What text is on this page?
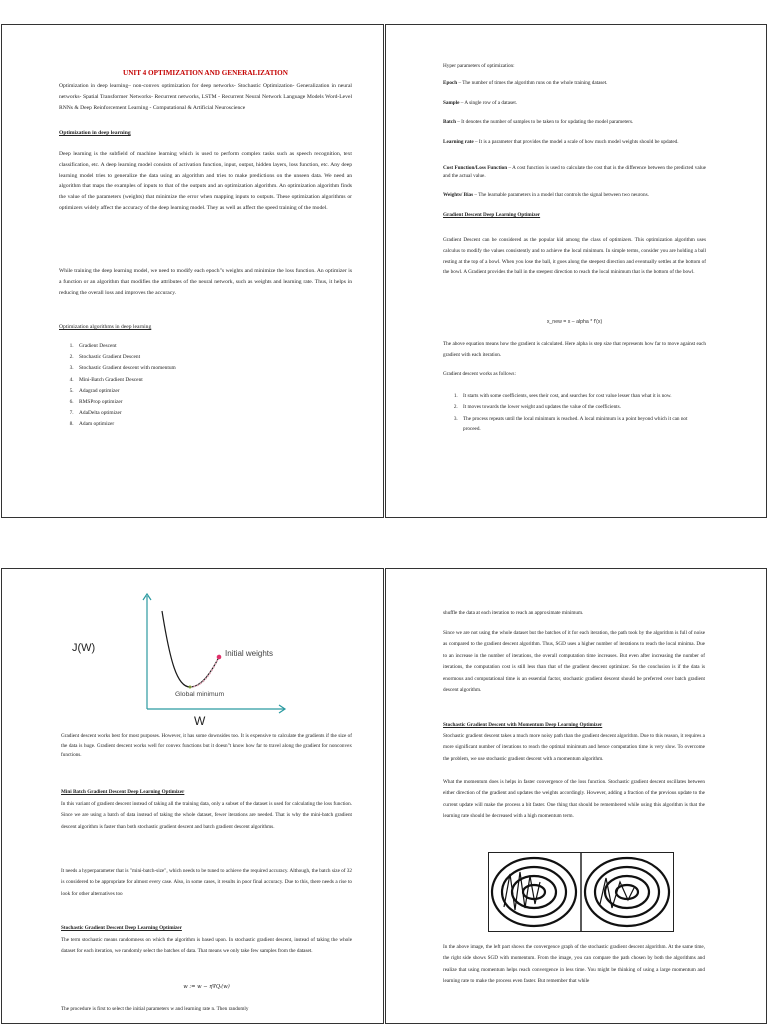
UNIT 4 OPTIMIZATION AND GENERALIZATION

Optimization in deep learning– non-convex optimization for deep networks- Stochastic Optimization- Generalization in neural networks- Spatial Transformer Networks- Recurrent networks, LSTM - Recurrent Neural Network Language Models Word-Level RNNs & Deep Reinforcement Learning - Computational & Artificial Neuroscience

Optimization in deep learning

Deep learning is the subfield of machine learning which is used to perform complex tasks such as speech recognition, text classification, etc. A deep learning model consists of activation function, input, output, hidden layers, loss function, etc. Any deep learning model tries to generalize the data using an algorithm and tries to make predictions on the unseen data. We need an algorithm that maps the examples of inputs to that of the outputs and an optimization algorithm. An optimization algorithm finds the value of the parameters (weights) that minimize the error when mapping inputs to outputs. These optimization algorithms or optimizers widely affect the accuracy of the deep learning model. They as well as affect the speed training of the model.

While training the deep learning model, we need to modify each epoch"s weights and minimize the loss function. An optimizer is a function or an algorithm that modifies the attributes of the neural network, such as weights and learning rate. Thus, it helps in reducing the overall loss and improves the accuracy.

Optimization algorithms in deep learning

1. Gradient Descent
2. Stochastic Gradient Descent
3. Stochastic Gradient descent with momentum
4. Mini-Batch Gradient Descent
5. Adagrad optimizer
6. RMSProp optimizer
7. AdaDelta optimizer
8. Adam optimizer

Hyper parameters of optimization:

Epoch – The number of times the algorithm runs on the whole training dataset.

Sample – A single row of a dataset.

Batch – It denotes the number of samples to be taken to for updating the model parameters.

Learning rate – It is a parameter that provides the model a scale of how much model weights should be updated.

Cost Function/Loss Function – A cost function is used to calculate the cost that is the difference between the predicted value and the actual value.

Weights/ Bias – The learnable parameters in a model that controls the signal between two neurons.

Gradient Descent Deep Learning Optimizer

Gradient Descent can be considered as the popular kid among the class of optimizers. This optimization algorithm uses calculus to modify the values consistently and to achieve the local minimum. In simple terms, consider you are holding a ball resting at the top of a bowl. When you lose the ball, it goes along the steepest direction and eventually settles at the bottom of the bowl. A Gradient provides the ball in the steepest direction to reach the local minimum that is the bottom of the bowl.

x_new = x – alpha * f'(x)

The above equation means how the gradient is calculated. Here alpha is step size that represents how far to move against each gradient with each iteration.

Gradient descent works as follows:

1. It starts with some coefficients, sees their cost, and searches for cost value lesser than what it is now.
2. It moves towards the lower weight and updates the value of the coefficients.
3. The process repeats until the local minimum is reached. A local minimum is a point beyond which it can not proceed.
J(W)	Initial weights
Global minimum
W

Gradient descent works best for most purposes. However, it has some downsides too. It is expensive to calculate the gradients if the size of the data is huge. Gradient descent works well for convex functions but it doesn"t know how far to travel along the gradient for nonconvex functions.

Mini Batch Gradient Descent Deep Learning Optimizer

In this variant of gradient descent instead of taking all the training data, only a subset of the dataset is used for calculating the loss function. Since we are using a batch of data instead of taking the whole dataset, fewer iterations are needed. That is why the mini-batch gradient descent algorithm is faster than both stochastic gradient descent and batch gradient descent algorithms.

It needs a hyperparameter that is "mini-batch-size", which needs to be tuned to achieve the required accuracy. Although, the batch size of 32 is considered to be appropriate for almost every case. Also, in some cases, it results in poor final accuracy. Due to this, there needs a rise to look for other alternatives too

Stochastic Gradient Descent Deep Learning Optimizer

The term stochastic means randomness on which the algorithm is based upon. In stochastic gradient descent, instead of taking the whole dataset for each iteration, we randomly select the batches of data. That means we only take few samples from the dataset.

w := w − η∇Qᵢ(w)

The procedure is first to select the initial parameters w and learning rate n. Then randomly

shuffle the data at each iteration to reach an approximate minimum.

Since we are not using the whole dataset but the batches of it for each iteration, the path took by the algorithm is full of noise as compared to the gradient descent algorithm. Thus, SGD uses a higher number of iterations to reach the local minima. Due to an increase in the number of iterations, the overall computation time increases. But even after increasing the number of iterations, the computation cost is still less than that of the gradient descent optimizer. So the conclusion is if the data is enormous and computational time is an essential factor, stochastic gradient descent should be preferred over batch gradient descent algorithm.

Stochastic Gradient Descent with Momentum Deep Learning Optimizer

Stochastic gradient descent takes a much more noisy path than the gradient descent algorithm. Due to this reason, it requires a more significant number of iterations to reach the optimal minimum and hence computation time is very slow. To overcome the problem, we use stochastic gradient descent with a momentum algorithm.

What the momentum does is helps in faster convergence of the loss function. Stochastic gradient descent oscillates between either direction of the gradient and updates the weights accordingly. However, adding a fraction of the previous update to the current update will make the process a bit faster. One thing that should be remembered while using this algorithm is that the learning rate should be decreased with a high momentum term.

In the above image, the left part shows the convergence graph of the stochastic gradient descent algorithm. At the same time, the right side shows SGD with momentum. From the image, you can compare the path chosen by both the algorithms and realize that using momentum helps reach convergence in less time. You might be thinking of using a large momentum and learning rate to make the process even faster. But remember that while
